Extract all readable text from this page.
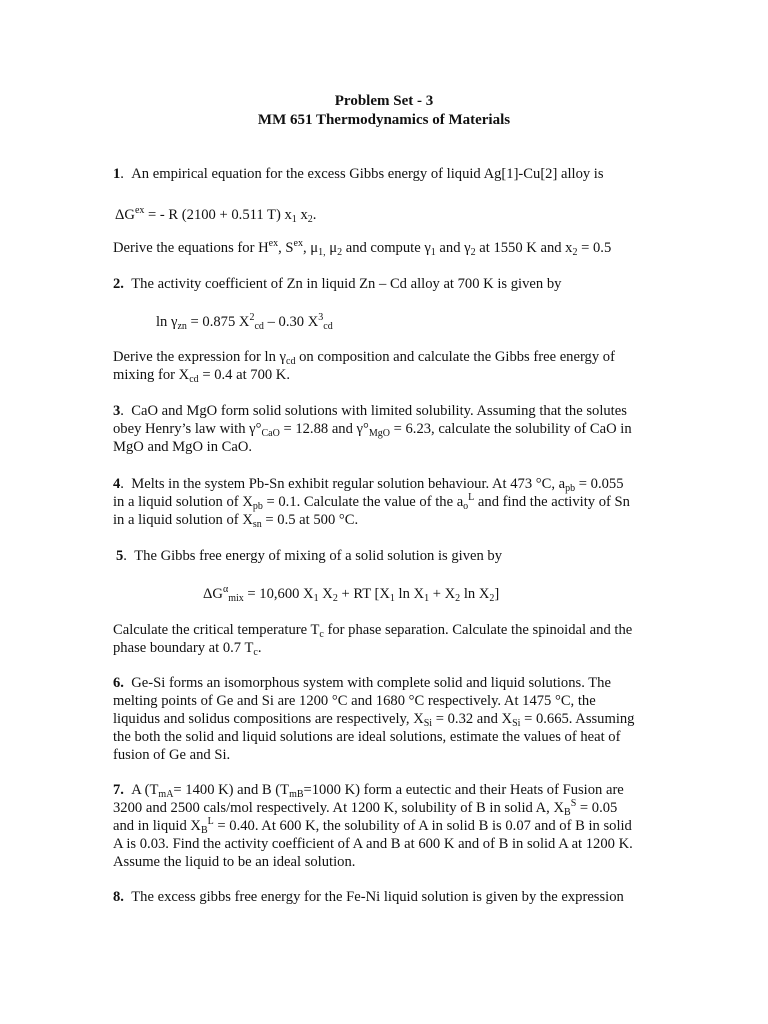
Problem Set - 3
MM 651 Thermodynamics of Materials
1.  An empirical equation for the excess Gibbs energy of liquid Ag[1]-Cu[2] alloy is
$\Delta G^{ex}$ = - R (2100 + 0.511 T) $x_1$ $x_2$.
Derive the equations for $H^{ex}$, $S^{ex}$, $\mu_{1,}$ $\mu_2$ and compute $\gamma_1$ and $\gamma_2$ at 1550 K and $x_2 = 0.5$
2. The activity coefficient of Zn in liquid Zn – Cd alloy at 700 K is given by
$\ln \gamma_{zn} = 0.875$ $X^2_{cd} - 0.30$ $X^3_{cd}$
Derive the expression for $\ln \gamma_{cd}$ on composition and calculate the Gibbs free energy of
mixing for $X_{cd} = 0.4$ at 700 K.
3.  CaO and MgO form solid solutions with limited solubility. Assuming that the solutes
obey Henry’s law with $\gamma^\circ_{CaO} = 12.88$ and $\gamma^\circ_{MgO} = 6.23$, calculate the solubility of CaO in
MgO and MgO in CaO.
4.  Melts in the system Pb-Sn exhibit regular solution behaviour. At 473 °C, $a_{pb} = 0.055$
in a liquid solution of $X_{pb} = 0.1$. Calculate the value of the $a_o^L$ and find the activity of Sn
in a liquid solution of $X_{sn} = 0.5$ at 500 °C.
5.  The Gibbs free energy of mixing of a solid solution is given by
$\Delta G^\alpha_{mix} = 10,600$ $X_1$ $X_2$ + RT [$X_1$ $\ln X_1 + X_2$ $\ln X_2$]
Calculate the critical temperature $T_c$ for phase separation. Calculate the spinoidal and the
phase boundary at 0.7 $T_c$.
6. Ge-Si forms an isomorphous system with complete solid and liquid solutions. The
melting points of Ge and Si are 1200 °C and 1680 °C respectively. At 1475 °C, the
liquidus and solidus compositions are respectively, $X_{Si} = 0.32$ and $X_{Si} = 0.665$. Assuming
the both the solid and liquid solutions are ideal solutions, estimate the values of heat of
fusion of Ge and Si.
7. A ($T_{mA}= 1400$ K) and B ($T_{mB}=1000$ K) form a eutectic and their Heats of Fusion are
3200 and 2500 cals/mol respectively. At 1200 K, solubility of B in solid A, $X_B^S = 0.05$
and in liquid $X_B^L = 0.40$. At 600 K, the solubility of A in solid B is 0.07 and of B in solid
A is 0.03. Find the activity coefficient of A and B at 600 K and of B in solid A at 1200 K.
Assume the liquid to be an ideal solution.
8. The excess gibbs free energy for the Fe-Ni liquid solution is given by the expression
